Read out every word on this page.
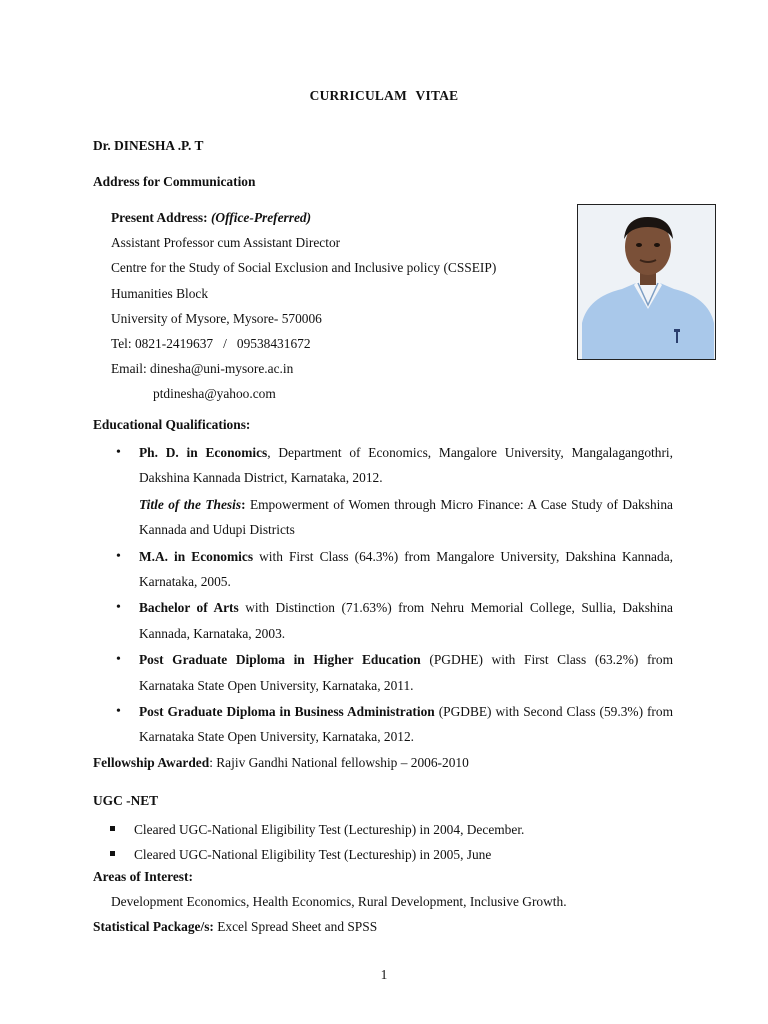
CURRICULAM VITAE
Dr. DINESHA .P. T
Address for Communication
Present Address: (Office-Preferred)
Assistant Professor cum Assistant Director
Centre for the Study of Social Exclusion and Inclusive policy (CSSEIP)
Humanities Block
University of Mysore, Mysore- 570006
Tel: 0821-2419637   /   09538431672
Email: dinesha@uni-mysore.ac.in
ptdinesha@yahoo.com
Educational Qualifications:
• Ph. D. in Economics, Department of Economics, Mangalore University, Mangalagangothri, Dakshina Kannada District, Karnataka, 2012.
Title of the Thesis: Empowerment of Women through Micro Finance: A Case Study of Dakshina Kannada and Udupi Districts
• M.A. in Economics with First Class (64.3%) from Mangalore University, Dakshina Kannada, Karnataka, 2005.
• Bachelor of Arts with Distinction (71.63%) from Nehru Memorial College, Sullia, Dakshina Kannada, Karnataka, 2003.
• Post Graduate Diploma in Higher Education (PGDHE) with First Class (63.2%) from Karnataka State Open University, Karnataka, 2011.
• Post Graduate Diploma in Business Administration (PGDBE) with Second Class (59.3%) from Karnataka State Open University, Karnataka, 2012.
Fellowship Awarded: Rajiv Gandhi National fellowship – 2006-2010
UGC -NET
Cleared UGC-National Eligibility Test (Lectureship) in 2004, December.
Cleared UGC-National Eligibility Test (Lectureship) in 2005, June
Areas of Interest:
Development Economics, Health Economics, Rural Development, Inclusive Growth.
Statistical Package/s: Excel Spread Sheet and SPSS
1
